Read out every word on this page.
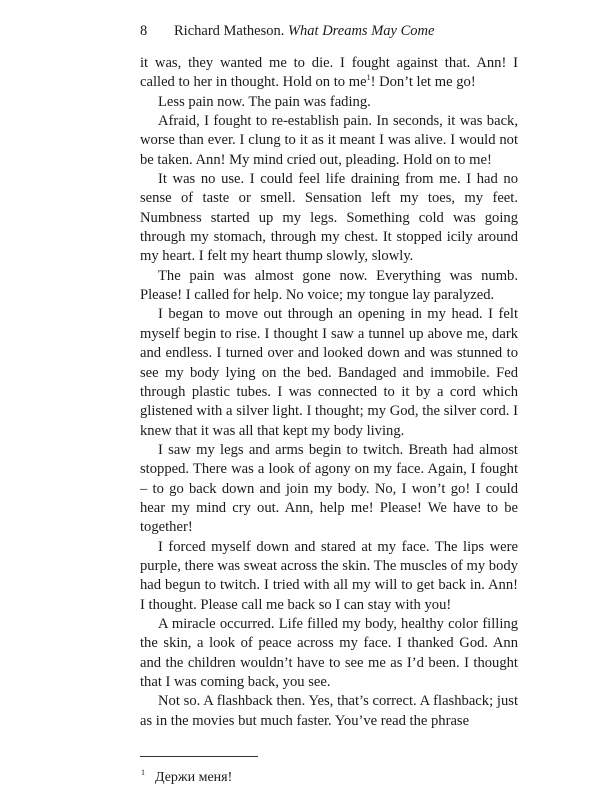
8	Richard Matheson. What Dreams May Come

it was, they wanted me to die. I fought against that. Ann! I called to her in thought. Hold on to $me^1$! Don’t let me go!

Less pain now. The pain was fading.

Afraid, I fought to re-establish pain. In seconds, it was back, worse than ever. I clung to it as it meant I was alive. I would not be taken. Ann! My mind cried out, pleading. Hold on to me!

It was no use. I could feel life draining from me. I had no sense of taste or smell. Sensation left my toes, my feet. Numbness started up my legs. Something cold was going through my stomach, through my chest. It stopped icily around my heart. I felt my heart thump slowly, slowly.

The pain was almost gone now. Everything was numb. Please! I called for help. No voice; my tongue lay paralyzed.

I began to move out through an opening in my head. I felt myself begin to rise. I thought I saw a tunnel up above me, dark and endless. I turned over and looked down and was stunned to see my body lying on the bed. Bandaged and immobile. Fed through plastic tubes. I was connected to it by a cord which glistened with a silver light. I thought; my God, the silver cord. I knew that it was all that kept my body living.

I saw my legs and arms begin to twitch. Breath had almost stopped. There was a look of agony on my face. Again, I fought – to go back down and join my body. No, I won’t go! I could hear my mind cry out. Ann, help me! Please! We have to be together!

I forced myself down and stared at my face. The lips were purple, there was sweat across the skin. The muscles of my body had begun to twitch. I tried with all my will to get back in. Ann! I thought. Please call me back so I can stay with you!

A miracle occurred. Life filled my body, healthy color filling the skin, a look of peace across my face. I thanked God. Ann and the children wouldn’t have to see me as I’d been. I thought that I was coming back, you see.

Not so. A flashback then. Yes, that’s correct. A flashback; just as in the movies but much faster. You’ve read the phrase

$^1$ Держи меня!
